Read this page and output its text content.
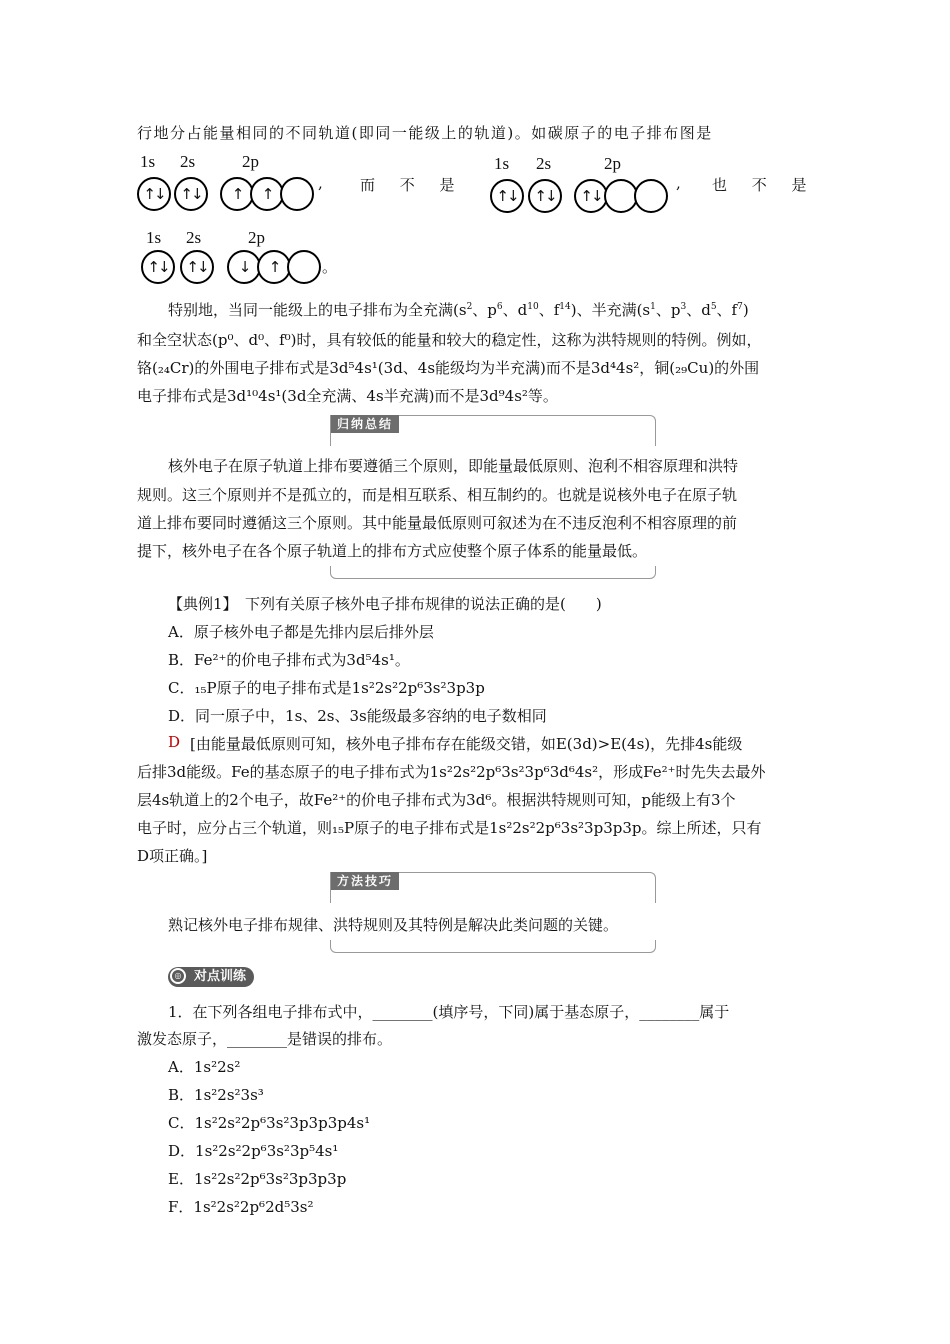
行地分占能量相同的不同轨道(即同一能级上的轨道)。如碳原子的电子排布图是
1s 2s	2p
↑↓	↑↓	↑	↑
, 而 不 是
1s 2s	2p
↑↓	↑↓	↑↓
, 也 不 是
1s 2s	2p
↑↓	↑↓	↓	↑	。
特别地，当同一能级上的电子排布为全充满($s^2$、$p^6$、$d^{10}$、$f^{14}$)、半充满($s^1$、$p^3$、$d^5$、$f^7$)
和全空状态(p⁰、d⁰、f⁰)时，具有较低的能量和较大的稳定性，这称为洪特规则的特例。例如，
铬(₂₄Cr)的外围电子排布式是3d⁵4s¹(3d、4s能级均为半充满)而不是3d⁴4s²，铜(₂₉Cu)的外围
电子排布式是3d¹⁰4s¹(3d全充满、4s半充满)而不是3d⁹4s²等。
归纳总结
核外电子在原子轨道上排布要遵循三个原则，即能量最低原则、泡利不相容原理和洪特
规则。这三个原则并不是孤立的，而是相互联系、相互制约的。也就是说核外电子在原子轨
道上排布要同时遵循这三个原则。其中能量最低原则可叙述为在不违反泡利不相容原理的前
提下，核外电子在各个原子轨道上的排布方式应使整个原子体系的能量最低。
【典例1】　下列有关原子核外电子排布规律的说法正确的是(　　)
A．原子核外电子都是先排内层后排外层
B．Fe²⁺的价电子排布式为3d⁵4s¹。
C．₁₅P原子的电子排布式是1s²2s²2p⁶3s²3p3p
D．同一原子中，1s、2s、3s能级最多容纳的电子数相同
D [由能量最低原则可知，核外电子排布存在能级交错，如E(3d)>E(4s)，先排4s能级
后排3d能级。Fe的基态原子的电子排布式为1s²2s²2p⁶3s²3p⁶3d⁶4s²，形成Fe²⁺时先失去最外
层4s轨道上的2个电子，故Fe²⁺的价电子排布式为3d⁶。根据洪特规则可知，p能级上有3个
电子时，应分占三个轨道，则₁₅P原子的电子排布式是1s²2s²2p⁶3s²3p3p3p。综上所述，只有
D项正确。]
方法技巧
熟记核外电子排布规律、洪特规则及其特例是解决此类问题的关键。
◎ 对点训练
1．在下列各组电子排布式中，________(填序号，下同)属于基态原子，________属于
激发态原子，________是错误的排布。
A．1s²2s²
B．1s²2s²3s³
C．1s²2s²2p⁶3s²3p3p3p4s¹
D．1s²2s²2p⁶3s²3p⁵4s¹
E．1s²2s²2p⁶3s²3p3p3p
F．1s²2s²2p⁶2d⁵3s²
